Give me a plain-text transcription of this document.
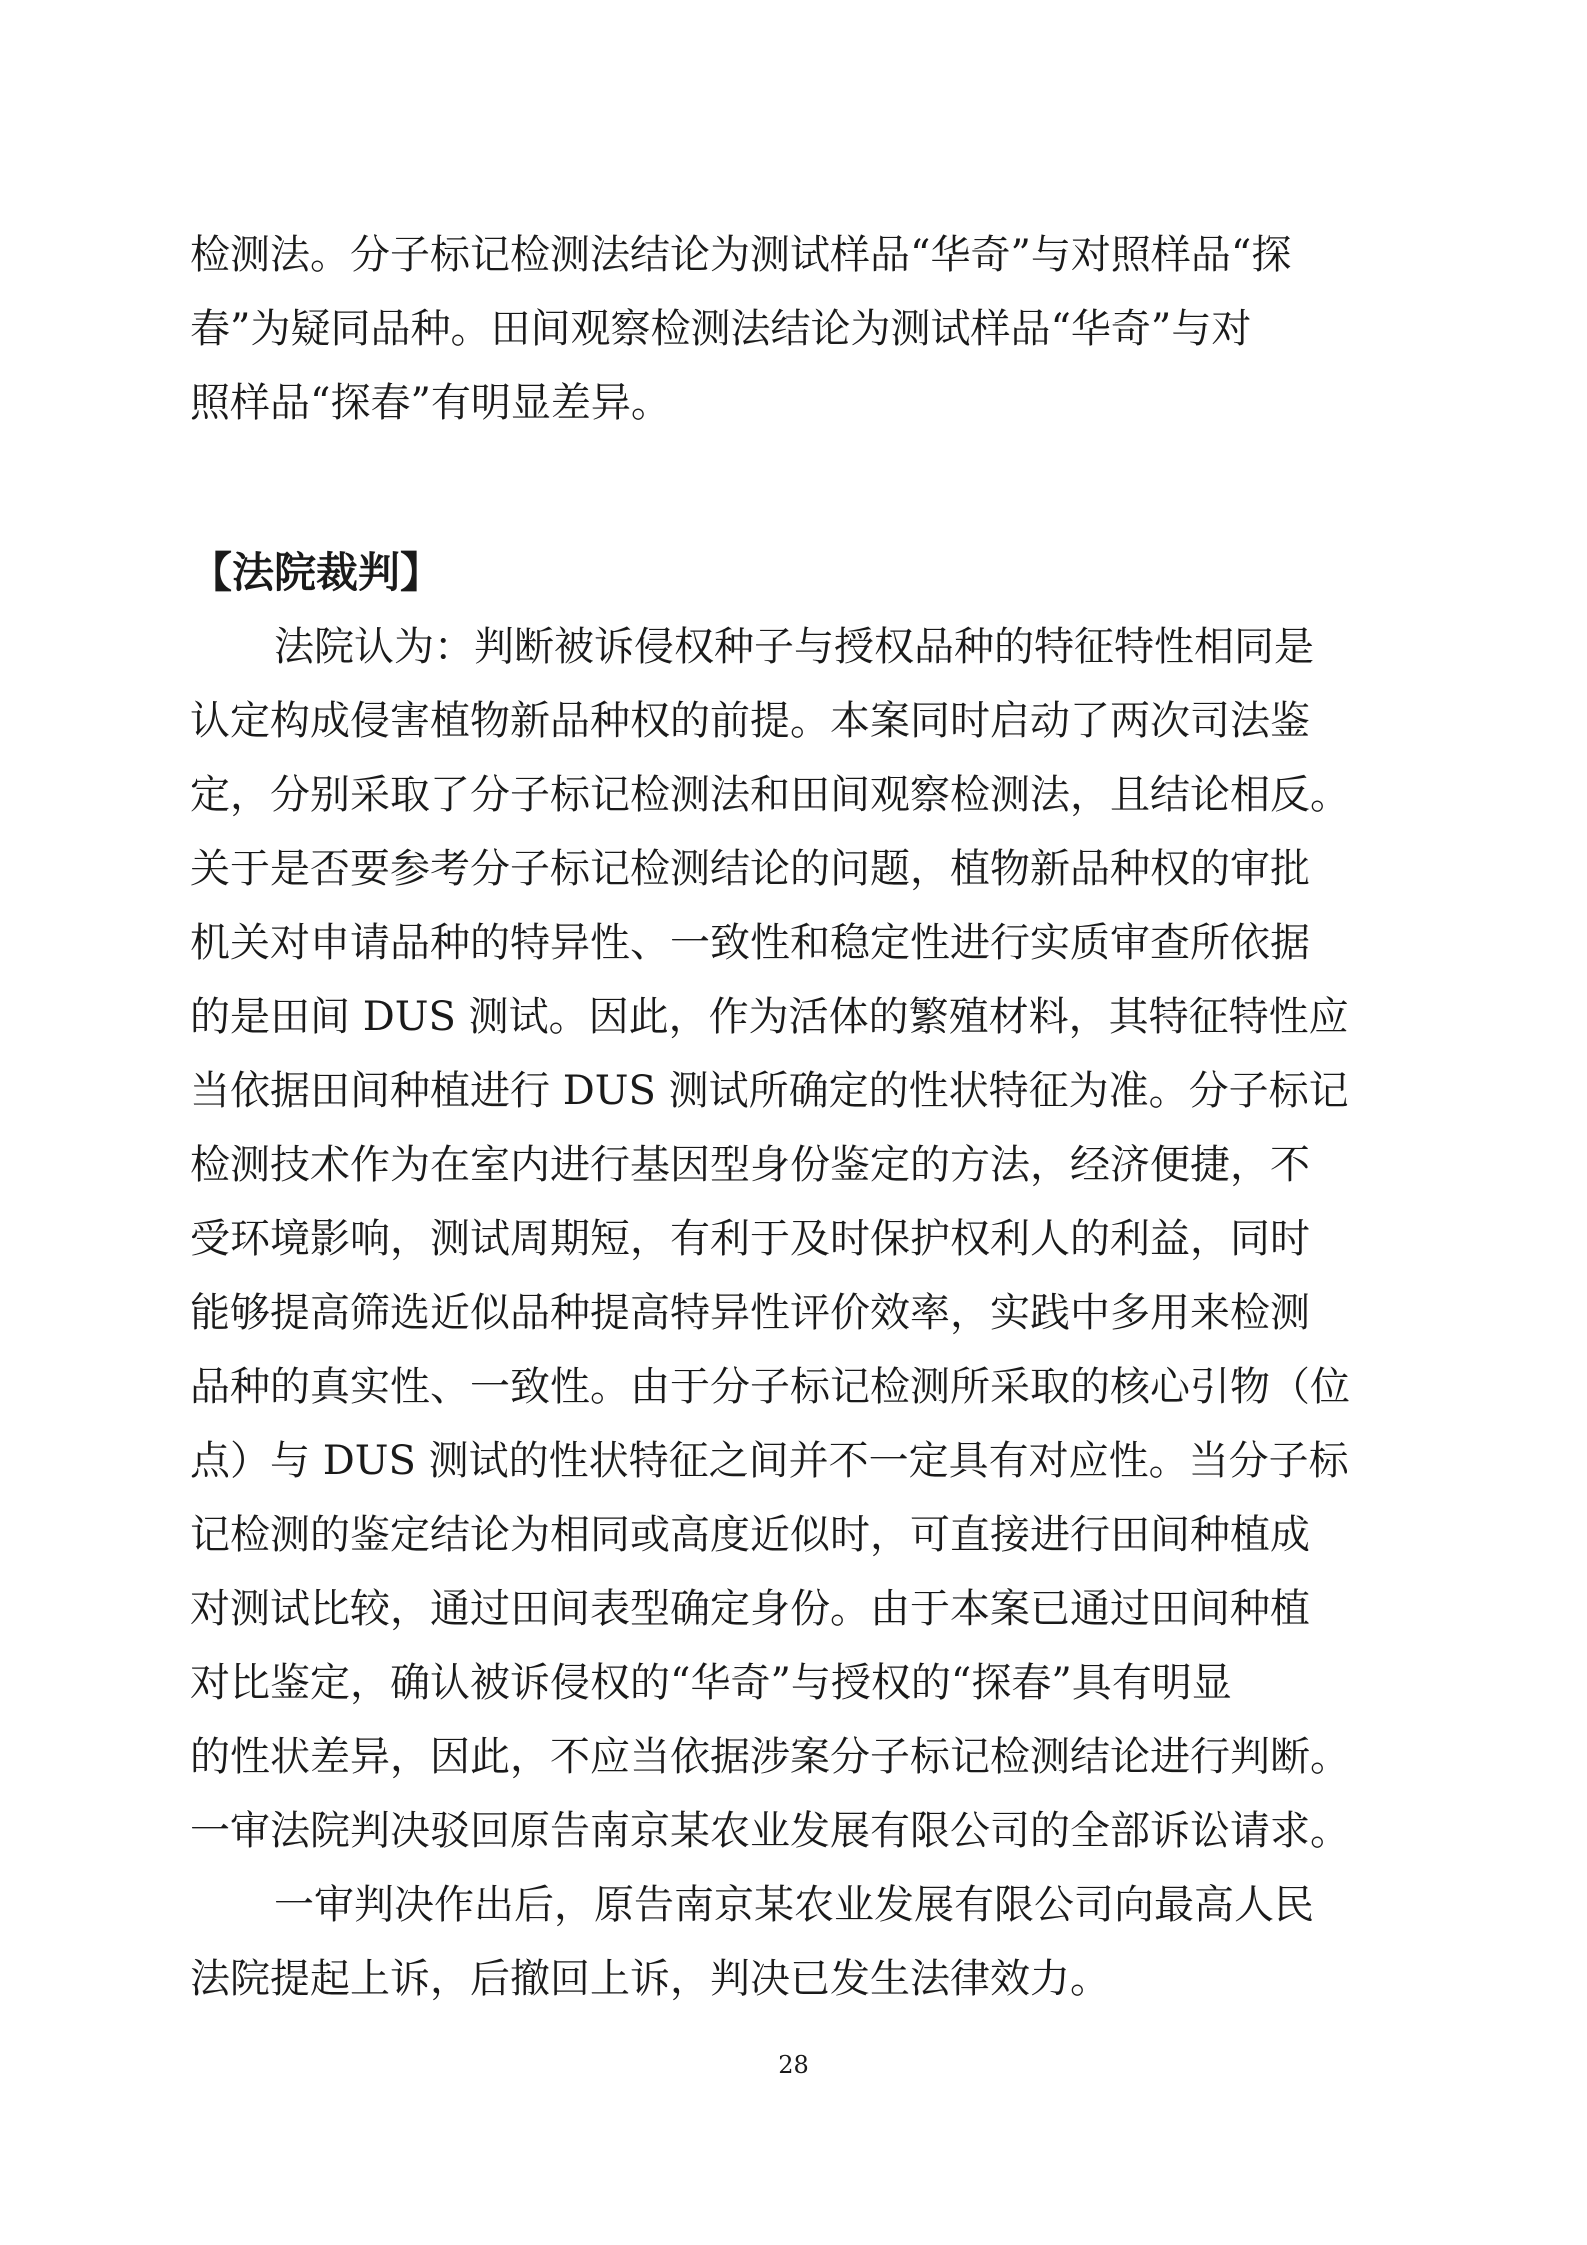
检测法。分子标记检测法结论为测试样品“华奇”与对照样品“探
春”为疑同品种。田间观察检测法结论为测试样品“华奇”与对
照样品“探春”有明显差异。
【法院裁判】
法院认为：判断被诉侵权种子与授权品种的特征特性相同是
认定构成侵害植物新品种权的前提。本案同时启动了两次司法鉴
定，分别采取了分子标记检测法和田间观察检测法，且结论相反。
关于是否要参考分子标记检测结论的问题，植物新品种权的审批
机关对申请品种的特异性、一致性和稳定性进行实质审查所依据
的是田间 DUS 测试。因此，作为活体的繁殖材料，其特征特性应
当依据田间种植进行 DUS 测试所确定的性状特征为准。分子标记
检测技术作为在室内进行基因型身份鉴定的方法，经济便捷，不
受环境影响，测试周期短，有利于及时保护权利人的利益，同时
能够提高筛选近似品种提高特异性评价效率，实践中多用来检测
品种的真实性、一致性。由于分子标记检测所采取的核心引物（位
点）与 DUS 测试的性状特征之间并不一定具有对应性。当分子标
记检测的鉴定结论为相同或高度近似时，可直接进行田间种植成
对测试比较，通过田间表型确定身份。由于本案已通过田间种植
对比鉴定，确认被诉侵权的“华奇”与授权的“探春”具有明显
的性状差异，因此，不应当依据涉案分子标记检测结论进行判断。
一审法院判决驳回原告南京某农业发展有限公司的全部诉讼请求。
一审判决作出后，原告南京某农业发展有限公司向最高人民
法院提起上诉，后撤回上诉，判决已发生法律效力。
28
